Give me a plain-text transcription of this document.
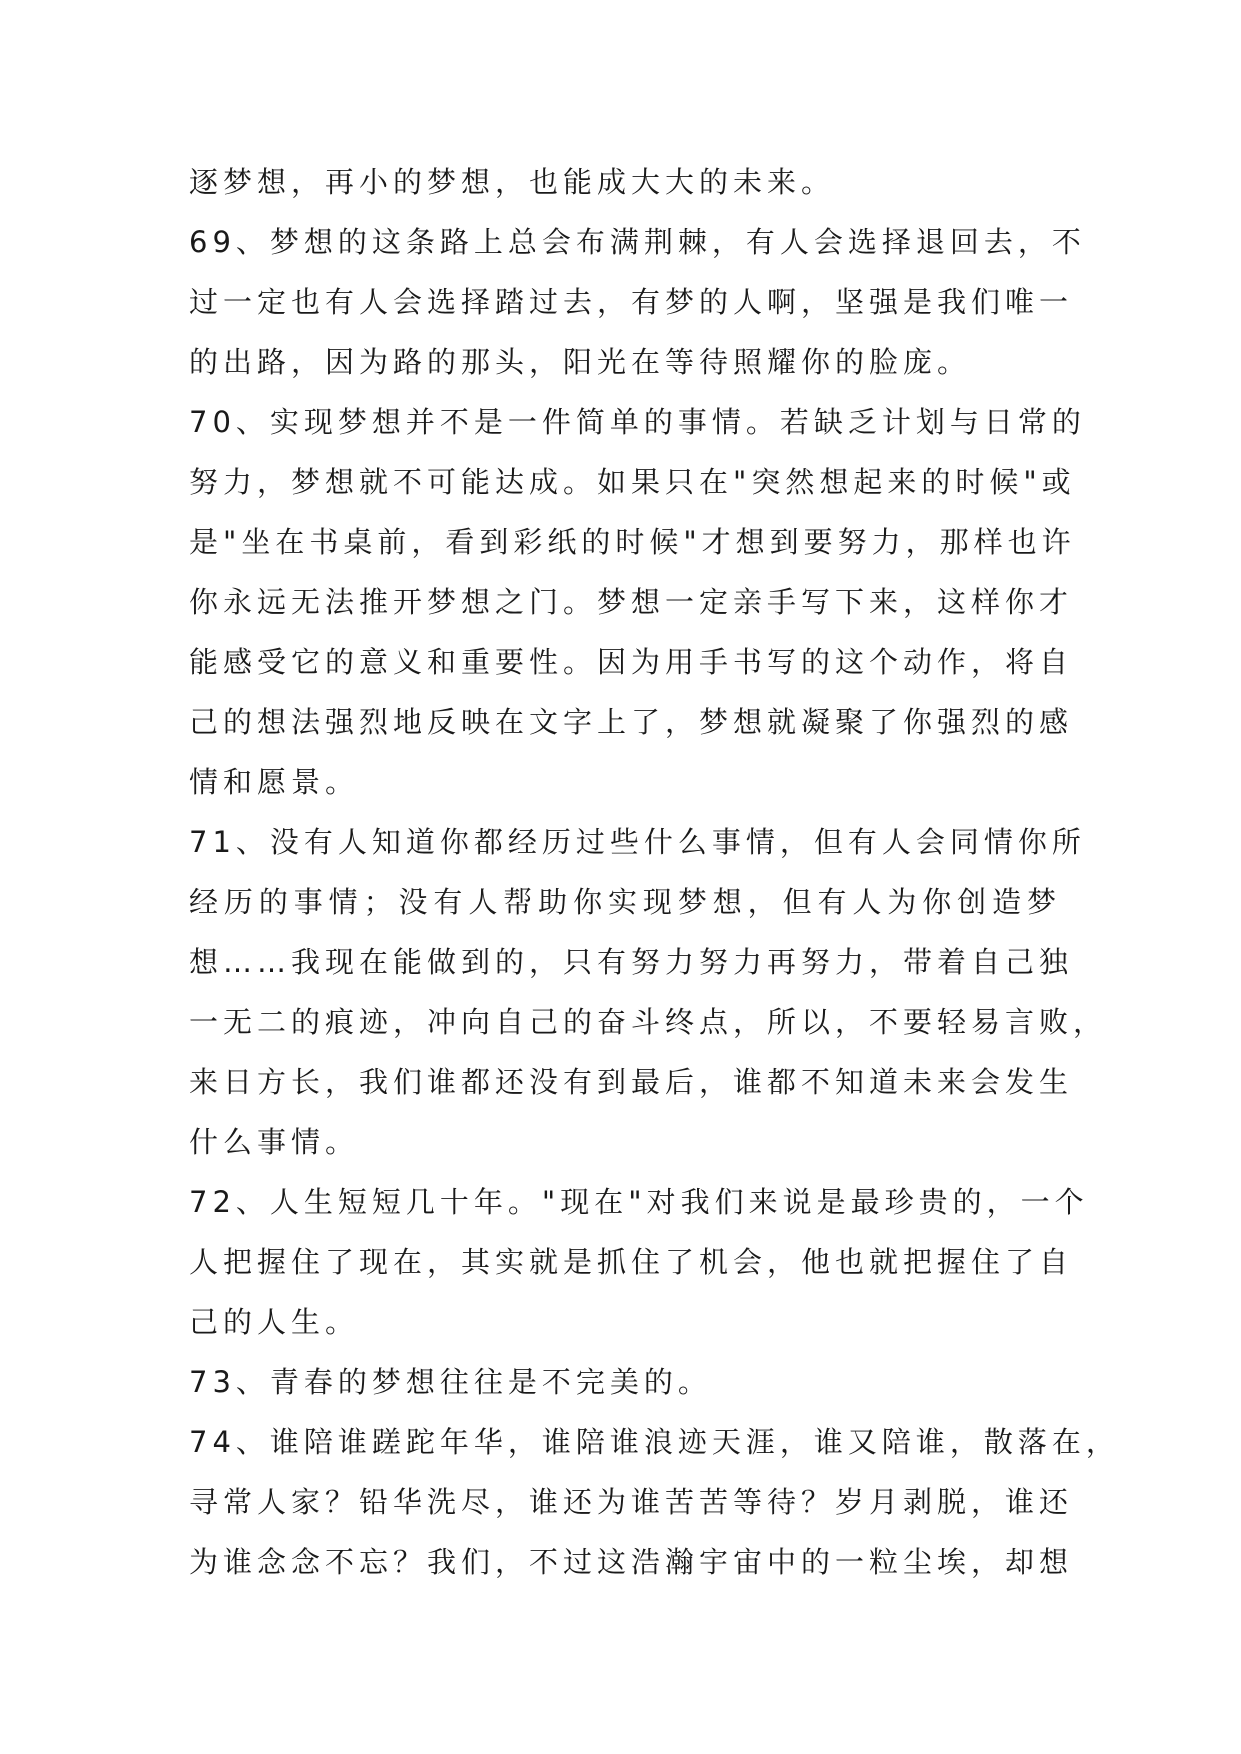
逐梦想，再小的梦想，也能成大大的未来。
69、梦想的这条路上总会布满荆棘，有人会选择退回去，不
过一定也有人会选择踏过去，有梦的人啊，坚强是我们唯一
的出路，因为路的那头，阳光在等待照耀你的脸庞。
70、实现梦想并不是一件简单的事情。若缺乏计划与日常的
努力，梦想就不可能达成。如果只在"突然想起来的时候"或
是"坐在书桌前，看到彩纸的时候"才想到要努力，那样也许
你永远无法推开梦想之门。梦想一定亲手写下来，这样你才
能感受它的意义和重要性。因为用手书写的这个动作，将自
己的想法强烈地反映在文字上了，梦想就凝聚了你强烈的感
情和愿景。
71、没有人知道你都经历过些什么事情，但有人会同情你所
经历的事情；没有人帮助你实现梦想，但有人为你创造梦
想……我现在能做到的，只有努力努力再努力，带着自己独
一无二的痕迹，冲向自己的奋斗终点，所以，不要轻易言败，
来日方长，我们谁都还没有到最后，谁都不知道未来会发生
什么事情。
72、人生短短几十年。"现在"对我们来说是最珍贵的，一个
人把握住了现在，其实就是抓住了机会，他也就把握住了自
己的人生。
73、青春的梦想往往是不完美的。
74、谁陪谁蹉跎年华，谁陪谁浪迹天涯，谁又陪谁，散落在，
寻常人家？铅华洗尽，谁还为谁苦苦等待？岁月剥脱，谁还
为谁念念不忘？我们，不过这浩瀚宇宙中的一粒尘埃，却想
